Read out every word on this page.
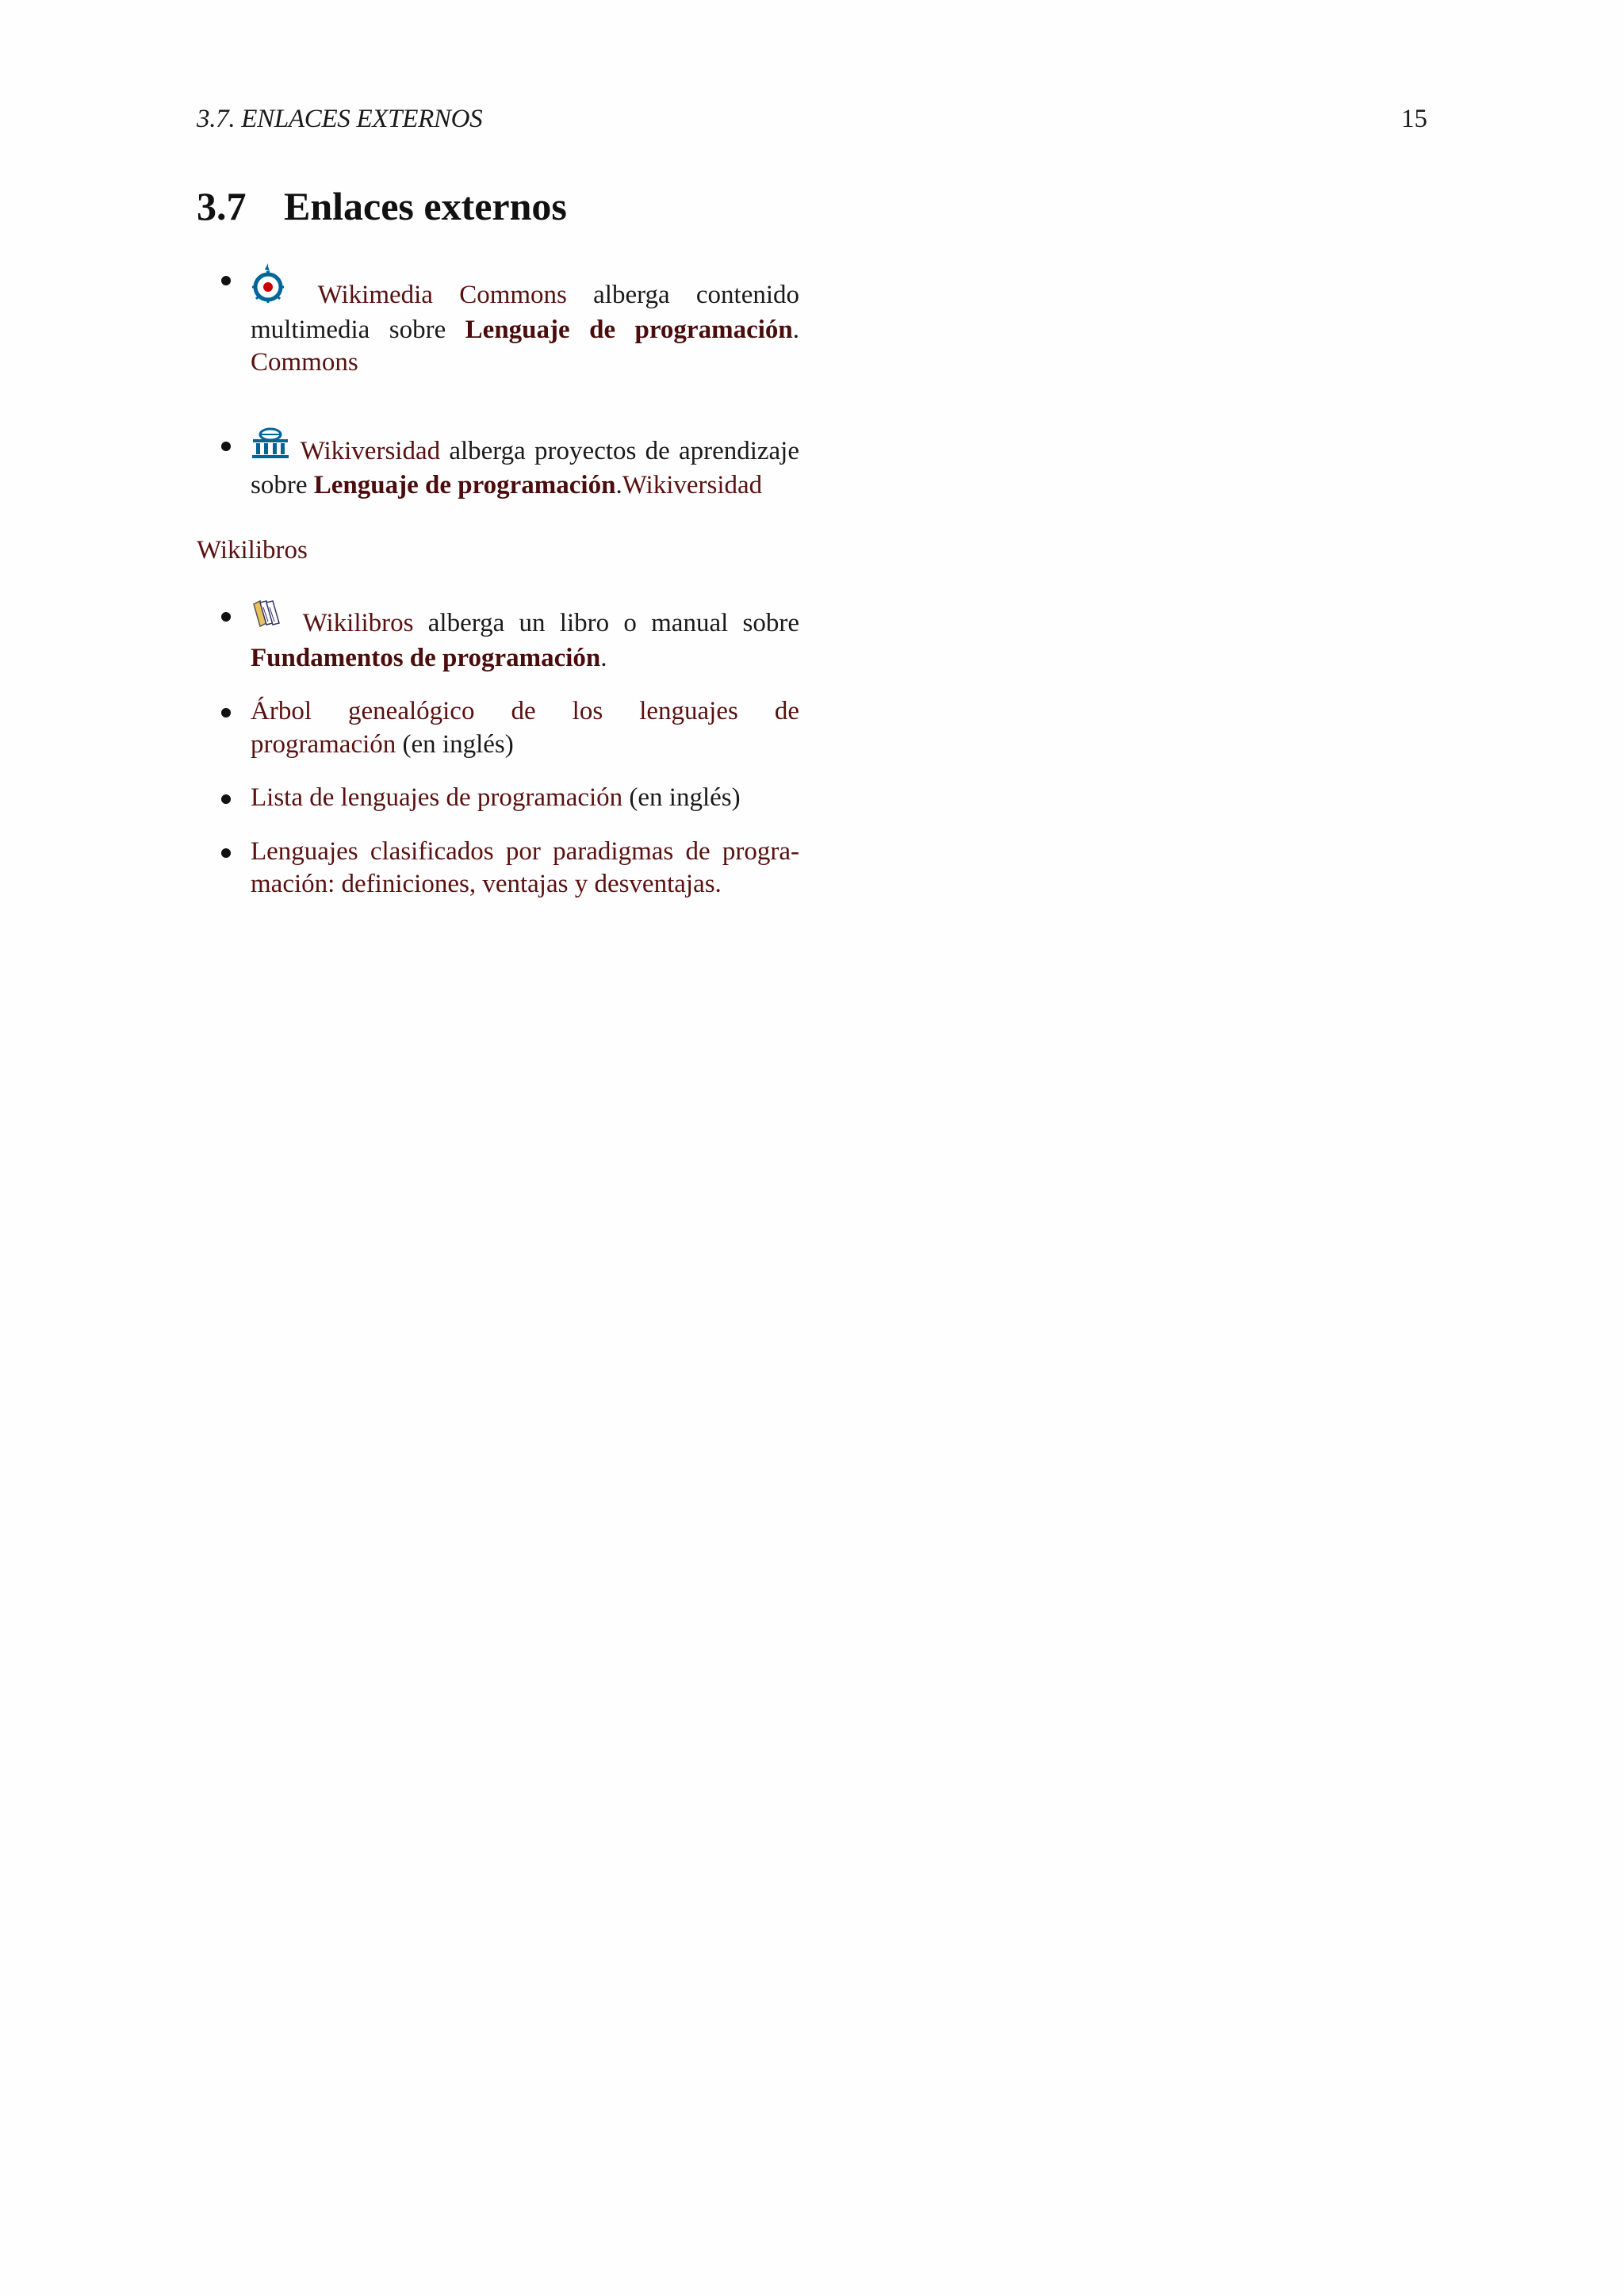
3.7. ENLACES EXTERNOS	15
3.7 Enlaces externos
Wikimedia Commons alberga contenido multimedia sobre Lenguaje de programación. Commons
Wikiversidad alberga proyectos de aprendizaje sobre Lenguaje de programación.Wikiversidad
Wikilibros
Wikilibros alberga un libro o manual sobre Fundamentos de programación.
Árbol genealógico de los lenguajes de programación (en inglés)
Lista de lenguajes de programación (en inglés)
Lenguajes clasificados por paradigmas de programación: definiciones, ventajas y desventajas.
